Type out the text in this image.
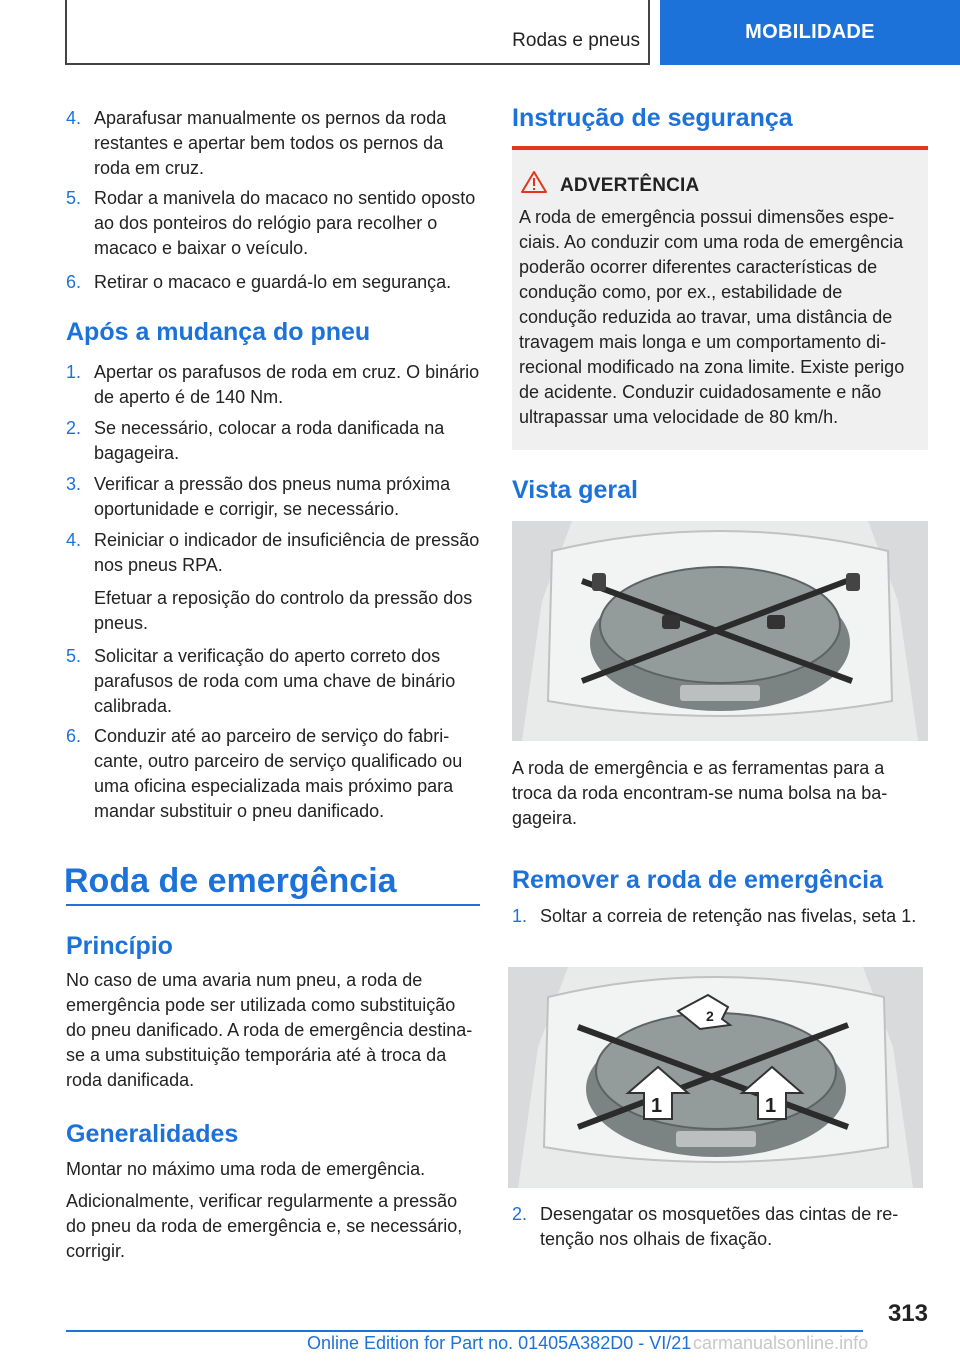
Rodas e pneus	MOBILIDADE
4. Aparafusar manualmente os pernos da roda restantes e apertar bem todos os pernos da roda em cruz.
5. Rodar a manivela do macaco no sentido oposto ao dos ponteiros do relógio para recolher o macaco e baixar o veículo.
6. Retirar o macaco e guardá-lo em segurança.
Após a mudança do pneu
1. Apertar os parafusos de roda em cruz. O binário de aperto é de 140 Nm.
2. Se necessário, colocar a roda danificada na bagageira.
3. Verificar a pressão dos pneus numa próxima oportunidade e corrigir, se necessário.
4. Reiniciar o indicador de insuficiência de pressão nos pneus RPA.
Efetuar a reposição do controlo da pressão dos pneus.
5. Solicitar a verificação do aperto correto dos parafusos de roda com uma chave de binário calibrada.
6. Conduzir até ao parceiro de serviço do fabricante, outro parceiro de serviço qualificado ou uma oficina especializada mais próximo para mandar substituir o pneu danificado.
Roda de emergência
Princípio
No caso de uma avaria num pneu, a roda de emergência pode ser utilizada como substituição do pneu danificado. A roda de emergência destina-se a uma substituição temporária até à troca da roda danificada.
Generalidades
Montar no máximo uma roda de emergência.
Adicionalmente, verificar regularmente a pressão do pneu da roda de emergência e, se necessário, corrigir.
Instrução de segurança
ADVERTÊNCIA
A roda de emergência possui dimensões especiais. Ao conduzir com uma roda de emergência poderão ocorrer diferentes características de condução como, por ex., estabilidade de condução reduzida ao travar, uma distância de travagem mais longa e um comportamento direcional modificado na zona limite. Existe perigo de acidente. Conduzir cuidadosamente e não ultrapassar uma velocidade de 80 km/h.
Vista geral
A roda de emergência e as ferramentas para a troca da roda encontram-se numa bolsa na bagageira.
Remover a roda de emergência
1. Soltar a correia de retenção nas fivelas, seta 1.
2
1	1
2. Desengatar os mosquetões das cintas de retenção nos olhais de fixação.
313
Online Edition for Part no. 01405A382D0 - VI/21 carmanualsonline.info
